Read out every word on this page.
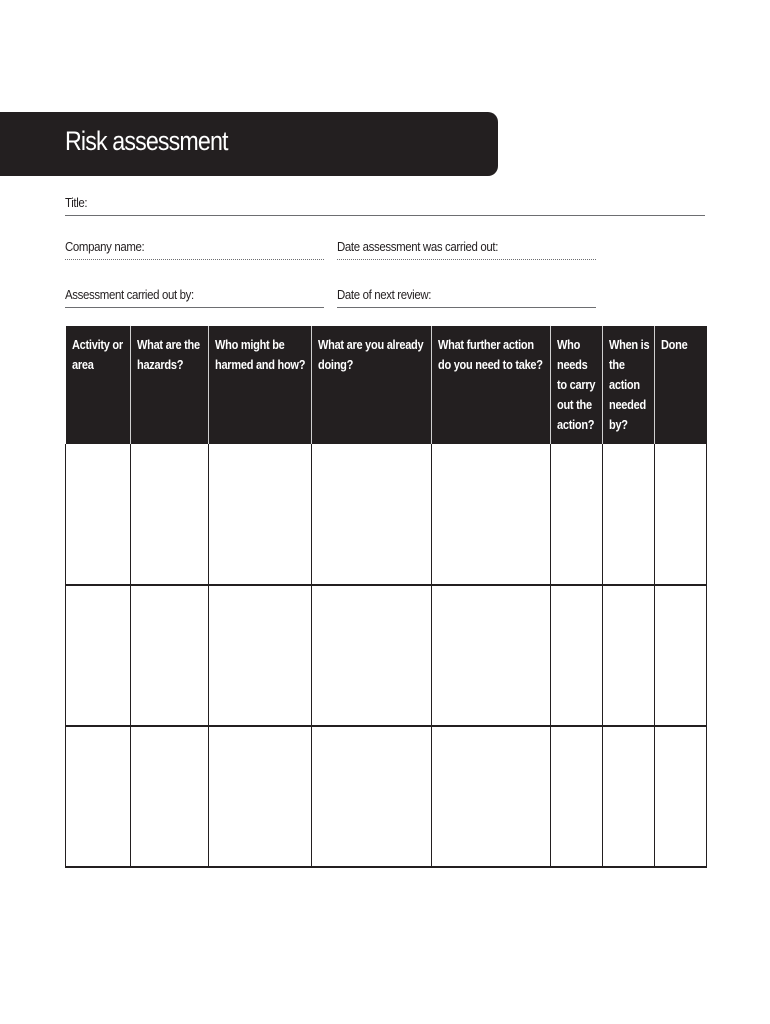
Risk assessment
Title:
Company name:	Date assessment was carried out:
Assessment carried out by:	Date of next review:
Activity or area	What are the hazards?	Who might be harmed and how?	What are you already doing?	What further action do you need to take?	Who needs to carry out the action?	When is the action needed by?	Done
